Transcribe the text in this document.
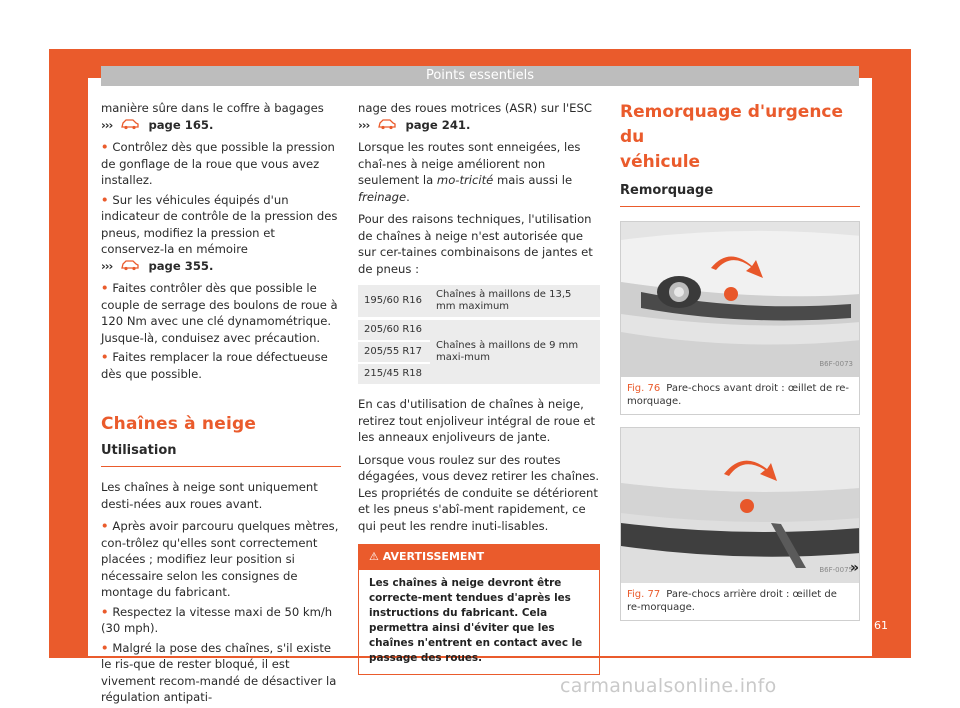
Points essentiels

manière sûre dans le coffre à bagages
›››	page 165.

• Contrôlez dès que possible la pression de gonflage de la roue que vous avez installez.

• Sur les véhicules équipés d'un indicateur de contrôle de la pression des pneus, modifiez la pression et conservez-la en mémoire

›››	page 355.

• Faites contrôler dès que possible le couple de serrage des boulons de roue à 120 Nm avec une clé dynamométrique. Jusque-là, conduisez avec précaution.

• Faites remplacer la roue défectueuse dès que possible.

Chaînes à neige
Utilisation

Les chaînes à neige sont uniquement desti-nées aux roues avant.

• Après avoir parcouru quelques mètres, con-trôlez qu'elles sont correctement placées ; modifiez leur position si nécessaire selon les consignes de montage du fabricant.

• Respectez la vitesse maxi de 50 km/h (30 mph).

• Malgré la pose des chaînes, s'il existe le ris-que de rester bloqué, il est vivement recom-mandé de désactiver la régulation antipati-

nage des roues motrices (ASR) sur l'ESC
›››	page 241.

Lorsque les routes sont enneigées, les chaî-nes à neige améliorent non seulement la mo-tricité mais aussi le freinage.

Pour des raisons techniques, l'utilisation de chaînes à neige n'est autorisée que sur cer-taines combinaisons de jantes et de pneus :

195/60 R16	Chaînes à maillons de 13,5 mm maximum

205/60 R16	Chaînes à maillons de 9 mm maxi-mum
205/55 R17	
215/45 R18	

En cas d'utilisation de chaînes à neige, retirez tout enjoliveur intégral de roue et les anneaux enjoliveurs de jante.

Lorsque vous roulez sur des routes dégagées, vous devez retirer les chaînes. Les propriétés de conduite se détériorent et les pneus s'abî-ment rapidement, ce qui peut les rendre inuti-lisables.

⚠ AVERTISSEMENT
Les chaînes à neige devront être correcte-ment tendues d'après les instructions du fabricant. Cela permettra ainsi d'éviter que les chaînes n'entrent en contact avec le passage des roues.
Remorquage d'urgence du
véhicule
Remorquage
B6F-0073
Fig. 76 Pare-chocs avant droit : œillet de re-morquage.
B6F-0075
Fig. 77 Pare-chocs arrière droit : œillet de re-morquage.
»
61
carmanualsonline.info
